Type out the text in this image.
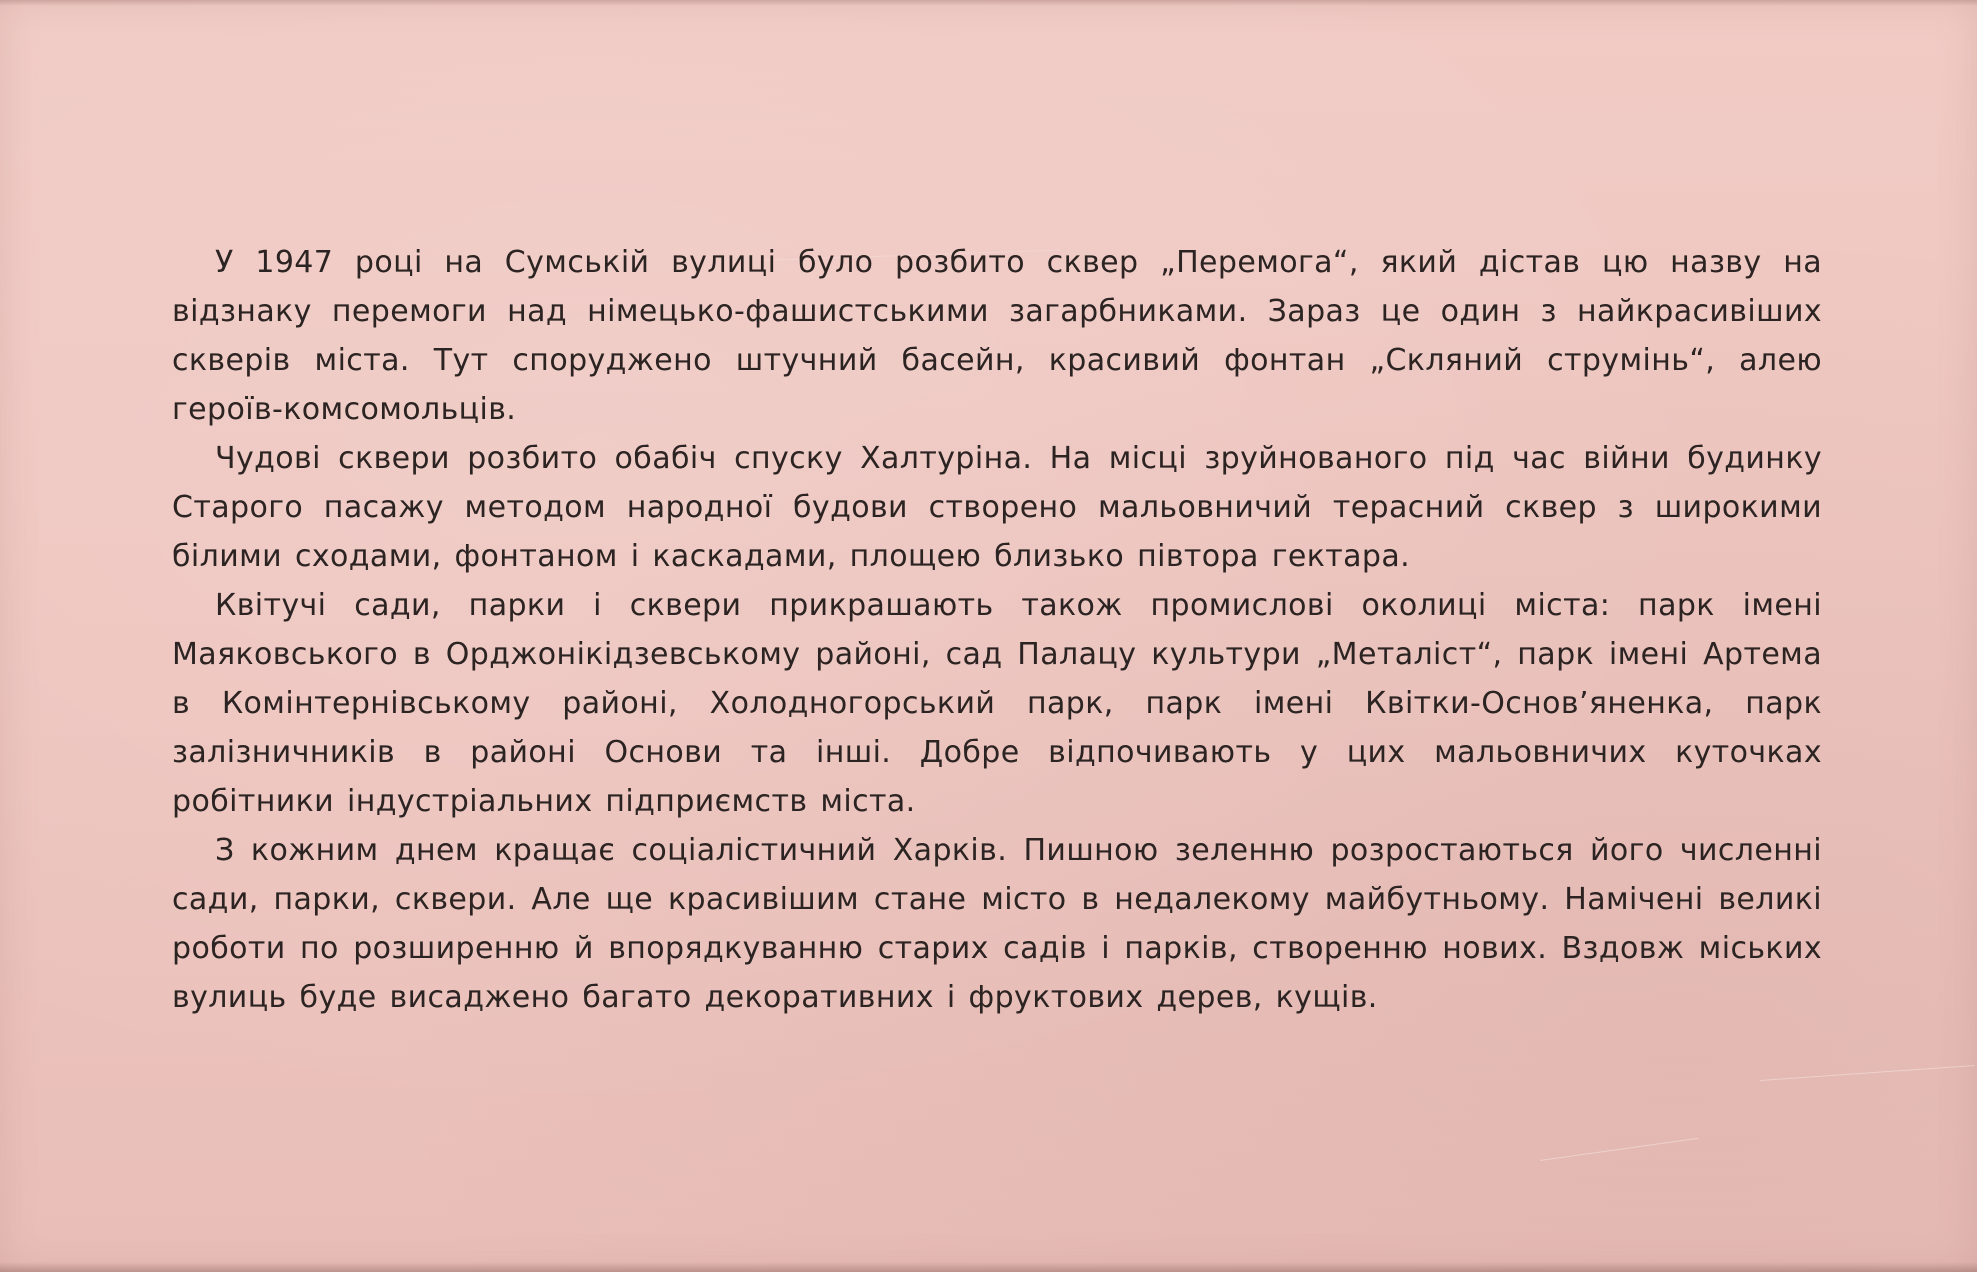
У 1947 році на Сумській вулиці було розбито сквер „Перемога“, який дістав цю назву на відзнаку перемоги над німецько-фашистськими загарбниками. Зараз це один з найкрасивіших скверів міста. Тут споруджено штучний басейн, красивий фонтан „Скляний струмінь“, алею героїв-комсомольців.

Чудові сквери розбито обабіч спуску Халтуріна. На місці зруйнованого під час війни будинку Старого пасажу методом народної будови створено мальовничий терасний сквер з широкими білими сходами, фонтаном і каскадами, площею близько півтора гектара.

Квітучі сади, парки і сквери прикрашають також промислові околиці міста: парк імені Маяковського в Орджонікідзевському районі, сад Палацу культури „Металіст“, парк імені Артема в Комінтернівському районі, Холодногорський парк, парк імені Квітки-Основ’яненка, парк залізничників в районі Основи та інші. Добре відпочивають у цих мальовничих куточках робітники індустріальних підприємств міста.

З кожним днем кращає соціалістичний Харків. Пишною зеленню розростаються його численні сади, парки, сквери. Але ще красивішим стане місто в недалекому майбутньому. Намічені великі роботи по розширенню й впорядкуванню старих садів і парків, створенню нових. Вздовж міських вулиць буде висаджено багато декоративних і фруктових дерев, кущів.
